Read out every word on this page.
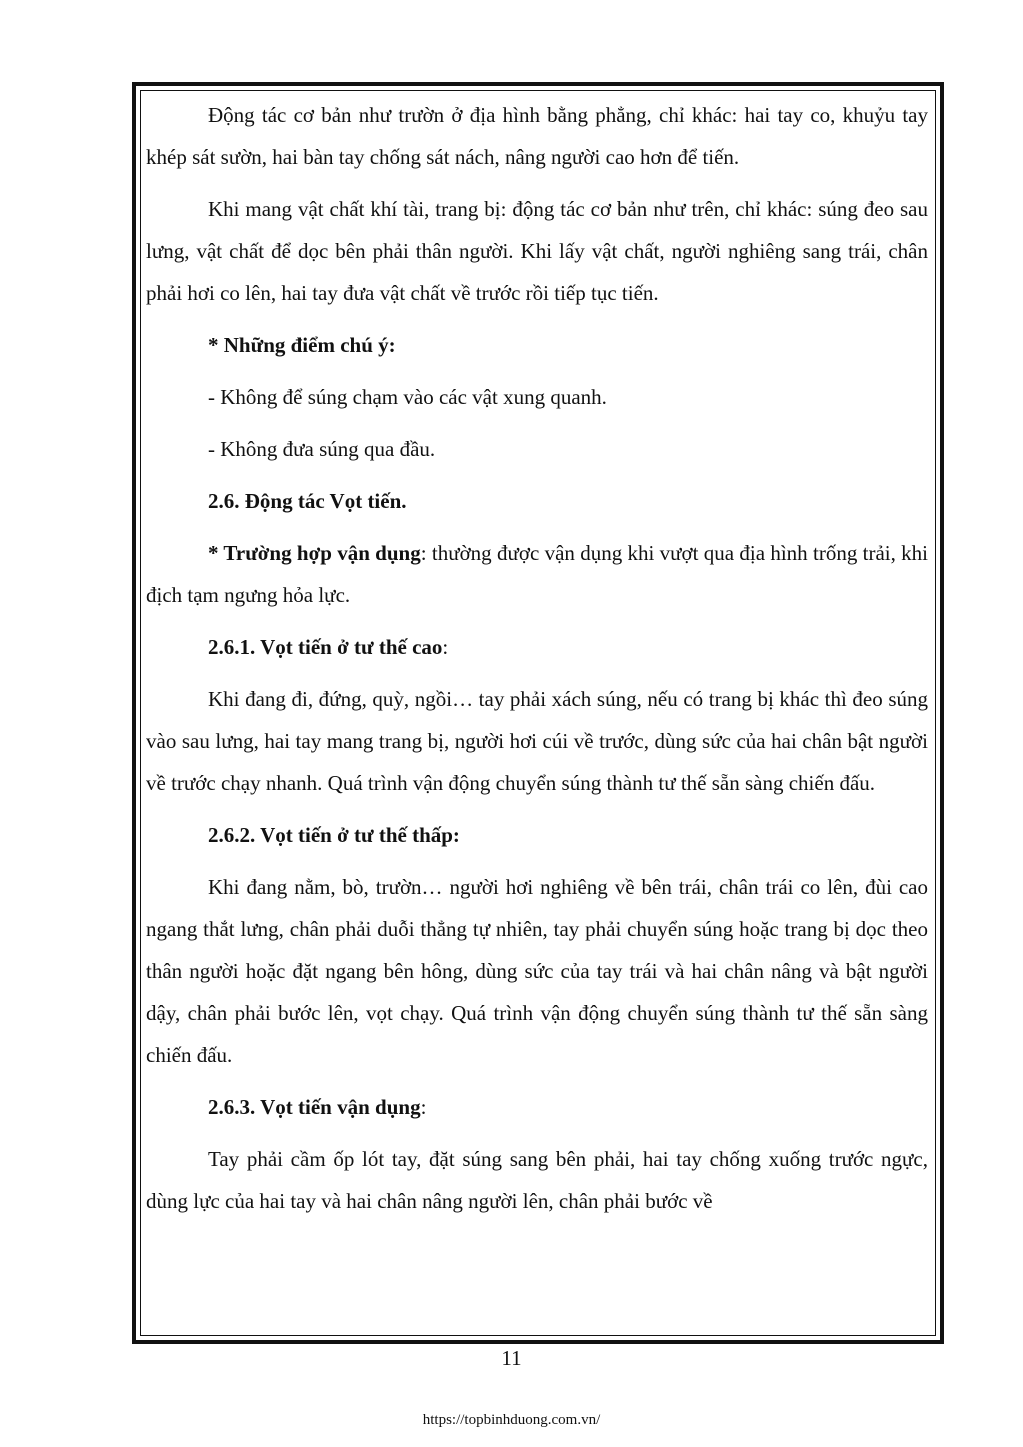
Động tác cơ bản như trườn ở địa hình bằng phẳng, chỉ khác: hai tay co, khuỷu tay khép sát sườn, hai bàn tay chống sát nách, nâng người cao hơn để tiến.

Khi mang vật chất khí tài, trang bị: động tác cơ bản như trên, chỉ khác: súng đeo sau lưng, vật chất để dọc bên phải thân người. Khi lấy vật chất, người nghiêng sang trái, chân phải hơi co lên, hai tay đưa vật chất về trước rồi tiếp tục tiến.

* Những điểm chú ý:

- Không để súng chạm vào các vật xung quanh.

- Không đưa súng qua đầu.

2.6. Động tác Vọt tiến.

* Trường hợp vận dụng: thường được vận dụng khi vượt qua địa hình trống trải, khi địch tạm ngưng hỏa lực.

2.6.1. Vọt tiến ở tư thế cao:

Khi đang đi, đứng, quỳ, ngồi… tay phải xách súng, nếu có trang bị khác thì đeo súng vào sau lưng, hai tay mang trang bị, người hơi cúi về trước, dùng sức của hai chân bật người về trước chạy nhanh. Quá trình vận động chuyển súng thành tư thế sẵn sàng chiến đấu.

2.6.2. Vọt tiến ở tư thế thấp:

Khi đang nằm, bò, trườn… người hơi nghiêng về bên trái, chân trái co lên, đùi cao ngang thắt lưng, chân phải duỗi thẳng tự nhiên, tay phải chuyển súng hoặc trang bị dọc theo thân người hoặc đặt ngang bên hông, dùng sức của tay trái và hai chân nâng và bật người dậy, chân phải bước lên, vọt chạy. Quá trình vận động chuyển súng thành tư thế sẵn sàng chiến đấu.

2.6.3. Vọt tiến vận dụng:

Tay phải cầm ốp lót tay, đặt súng sang bên phải, hai tay chống xuống trước ngực, dùng lực của hai tay và hai chân nâng người lên, chân phải bước về

11
https://topbinhduong.com.vn/
